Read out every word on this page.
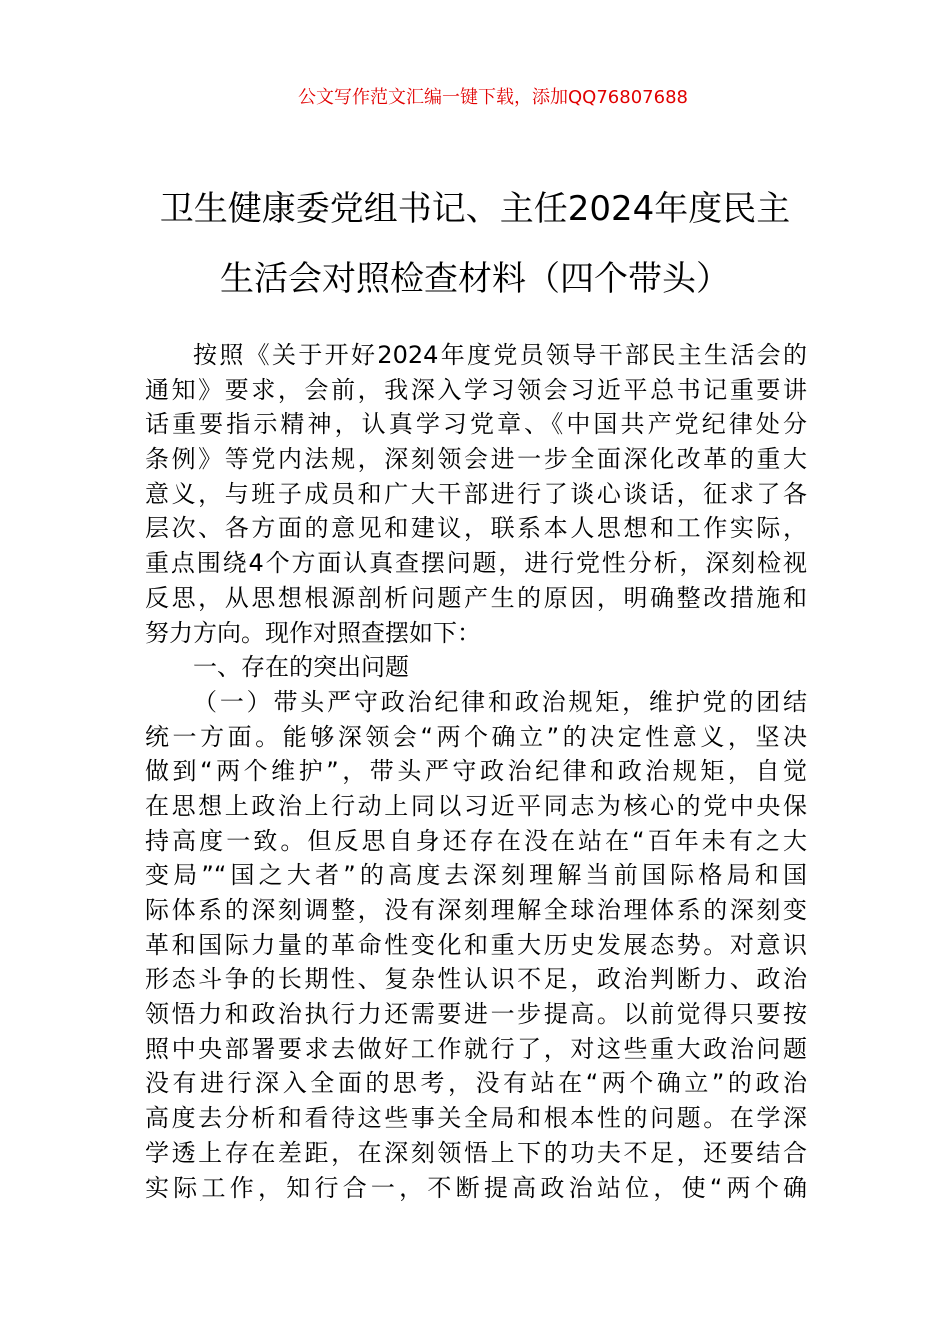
公文写作范文汇编一键下载，添加QQ76807688
卫生健康委党组书记、主任2024年度民主
生活会对照检查材料（四个带头）
按照《关于开好2024年度党员领导干部民主生活会的
通知》要求，会前，我深入学习领会习近平总书记重要讲
话重要指示精神，认真学习党章、《中国共产党纪律处分
条例》等党内法规，深刻领会进一步全面深化改革的重大
意义，与班子成员和广大干部进行了谈心谈话，征求了各
层次、各方面的意见和建议，联系本人思想和工作实际，
重点围绕4个方面认真查摆问题，进行党性分析，深刻检视
反思，从思想根源剖析问题产生的原因，明确整改措施和
努力方向。现作对照查摆如下：
一、存在的突出问题
（一）带头严守政治纪律和政治规矩，维护党的团结
统一方面。能够深领会“两个确立”的决定性意义，坚决
做到“两个维护”，带头严守政治纪律和政治规矩，自觉
在思想上政治上行动上同以习近平同志为核心的党中央保
持高度一致。但反思自身还存在没在站在“百年未有之大
变局”“国之大者”的高度去深刻理解当前国际格局和国
际体系的深刻调整，没有深刻理解全球治理体系的深刻变
革和国际力量的革命性变化和重大历史发展态势。对意识
形态斗争的长期性、复杂性认识不足，政治判断力、政治
领悟力和政治执行力还需要进一步提高。以前觉得只要按
照中央部署要求去做好工作就行了，对这些重大政治问题
没有进行深入全面的思考，没有站在“两个确立”的政治
高度去分析和看待这些事关全局和根本性的问题。在学深
学透上存在差距，在深刻领悟上下的功夫不足，还要结合
实际工作，知行合一，不断提高政治站位，使“两个确
